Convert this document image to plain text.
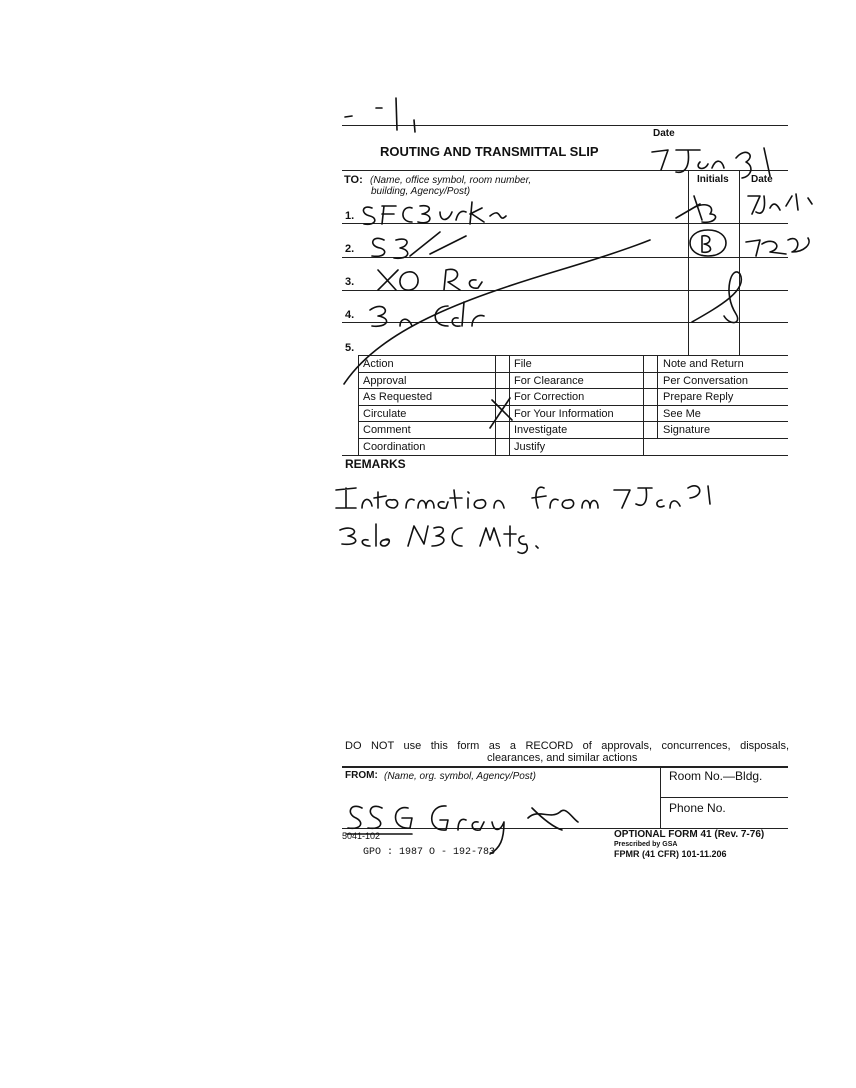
Date
ROUTING AND TRANSMITTAL SLIP
TO: (Name, office symbol, room number,
building, Agency/Post)
Initials Date
1.
2.
3.
4.
5.
Action
Approval
As Requested
Circulate
Comment
Coordination
File
For Clearance
For Correction
For Your Information
Investigate
Justify
Note and Return
Per Conversation
Prepare Reply
See Me
Signature
REMARKS
DO NOT use this form as a RECORD of approvals, concurrences, disposals,
clearances, and similar actions
FROM: (Name, org. symbol, Agency/Post)	Room No.—Bldg.
Phone No.
5041-102
GPO : 1987 O - 192-783
OPTIONAL FORM 41 (Rev. 7-76)
Prescribed by GSA
FPMR (41 CFR) 101-11.206
